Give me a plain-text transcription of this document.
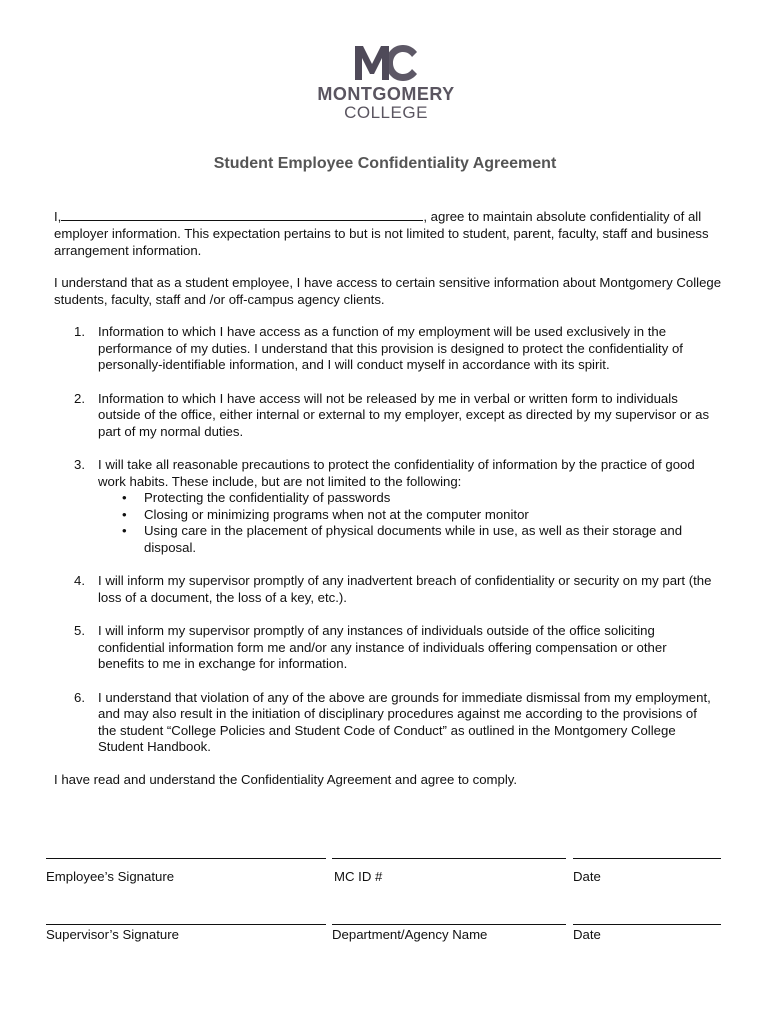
MONTGOMERY
COLLEGE
Student Employee Confidentiality Agreement
I,	, agree to maintain absolute confidentiality of all employer information. This expectation pertains to but is not limited to student, parent, faculty, staff and business arrangement information.
I understand that as a student employee, I have access to certain sensitive information about Montgomery College students, faculty, staff and /or off-campus agency clients.
1. Information to which I have access as a function of my employment will be used exclusively in the performance of my duties. I understand that this provision is designed to protect the confidentiality of personally-identifiable information, and I will conduct myself in accordance with its spirit.
2. Information to which I have access will not be released by me in verbal or written form to individuals outside of the office, either internal or external to my employer, except as directed by my supervisor or as part of my normal duties.
3. I will take all reasonable precautions to protect the confidentiality of information by the practice of good work habits. These include, but are not limited to the following:
• Protecting the confidentiality of passwords
• Closing or minimizing programs when not at the computer monitor
• Using care in the placement of physical documents while in use, as well as their storage and disposal.
4. I will inform my supervisor promptly of any inadvertent breach of confidentiality or security on my part (the loss of a document, the loss of a key, etc.).
5. I will inform my supervisor promptly of any instances of individuals outside of the office soliciting confidential information form me and/or any instance of individuals offering compensation or other benefits to me in exchange for information.
6. I understand that violation of any of the above are grounds for immediate dismissal from my employment, and may also result in the initiation of disciplinary procedures against me according to the provisions of the student “College Policies and Student Code of Conduct” as outlined in the Montgomery College Student Handbook.
I have read and understand the Confidentiality Agreement and agree to comply.
Employee’s Signature	MC ID #	Date
Supervisor’s Signature	Department/Agency Name	Date
